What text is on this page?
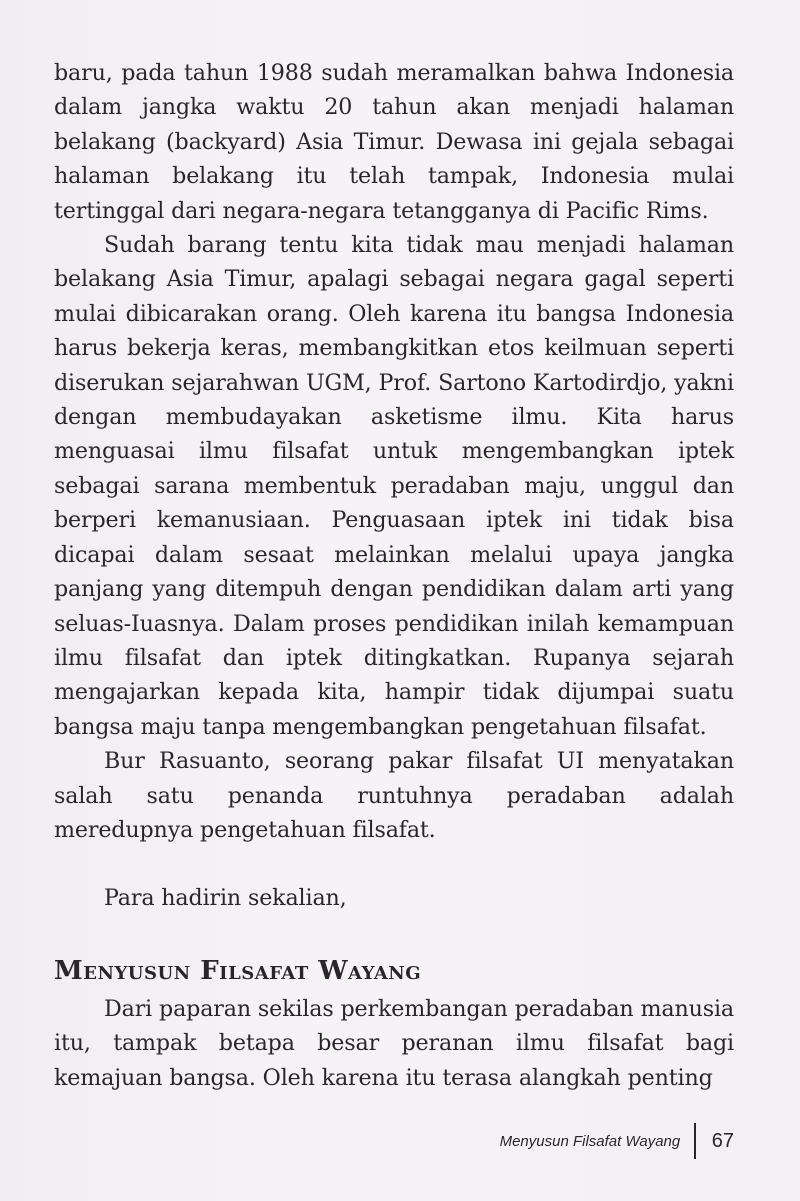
baru, pada tahun 1988 sudah meramalkan bahwa Indonesia dalam jangka waktu 20 tahun akan menjadi halaman belakang (backyard) Asia Timur. Dewasa ini gejala sebagai halaman belakang itu telah tampak, Indonesia mulai tertinggal dari negara-negara tetangganya di Pacific Rims.

Sudah barang tentu kita tidak mau menjadi halaman belakang Asia Timur, apalagi sebagai negara gagal seperti mulai dibicarakan orang. Oleh karena itu bangsa Indonesia harus bekerja keras, membangkitkan etos keilmuan seperti diserukan sejarahwan UGM, Prof. Sartono Kartodirdjo, yakni dengan membudayakan asketisme ilmu. Kita harus menguasai ilmu filsafat untuk mengembangkan iptek sebagai sarana membentuk peradaban maju, unggul dan berperi kemanusiaan. Penguasaan iptek ini tidak bisa dicapai dalam sesaat melainkan melalui upaya jangka panjang yang ditempuh dengan pendidikan dalam arti yang seluas-Iuasnya. Dalam proses pendidikan inilah kemampuan ilmu filsafat dan iptek ditingkatkan. Rupanya sejarah mengajarkan kepada kita, hampir tidak dijumpai suatu bangsa maju tanpa mengembangkan pengetahuan filsafat.

Bur Rasuanto, seorang pakar filsafat UI menyatakan salah satu penanda runtuhnya peradaban adalah meredupnya pengetahuan filsafat.

Para hadirin sekalian,

Menyusun Filsafat Wayang

Dari paparan sekilas perkembangan peradaban manusia itu, tampak betapa besar peranan ilmu filsafat bagi kemajuan bangsa. Oleh karena itu terasa alangkah penting

Menyusun Filsafat Wayang	67
